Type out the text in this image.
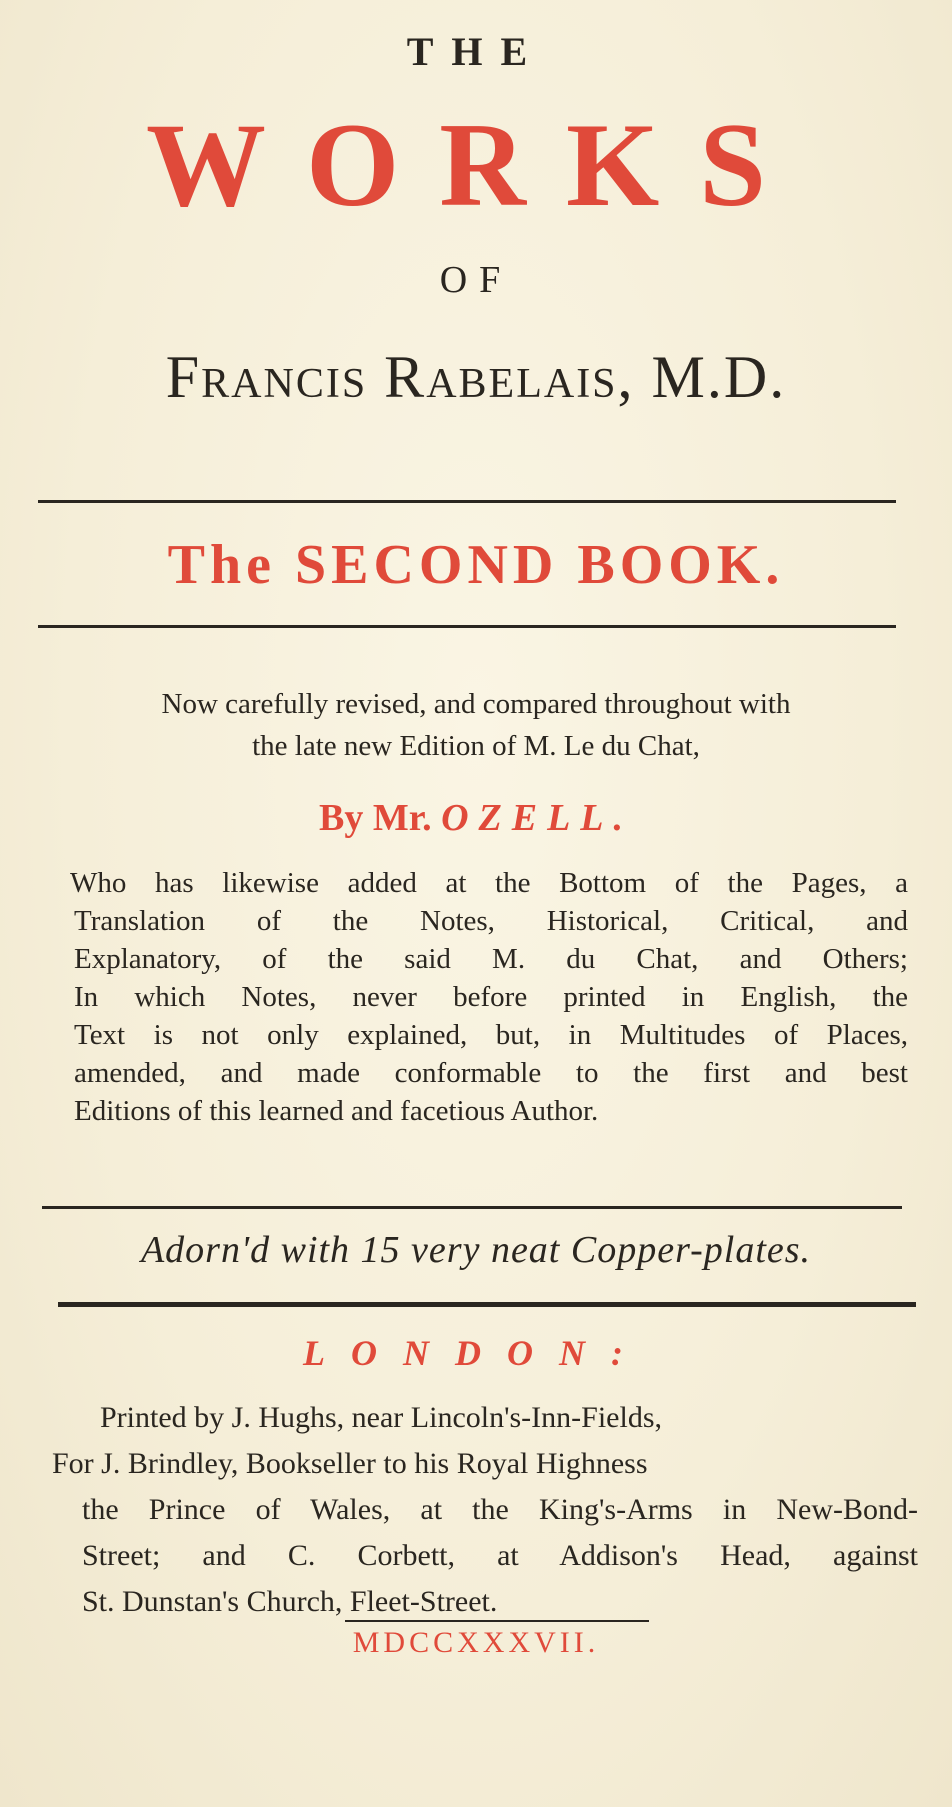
THE
WORKS
OF
Francis Rabelais, M.D.
The SECOND BOOK.
Now carefully revised, and compared throughout with
the late new Edition of M. Le du Chat,
By Mr. OZELL.
Who has likewise added at the Bottom of the Pages, a
Translation of the Notes, Historical, Critical, and
Explanatory, of the said M. du Chat, and Others;
In which Notes, never before printed in English, the
Text is not only explained, but, in Multitudes of Places,
amended, and made conformable to the first and best
Editions of this learned and facetious Author.
Adorn'd with 15 very neat Copper-plates.
LONDON:
Printed by J. Hughs, near Lincoln's-Inn-Fields,
For J. Brindley, Bookseller to his Royal Highness
the Prince of Wales, at the King's-Arms in New-Bond-
Street; and C. Corbett, at Addison's Head, against
St. Dunstan's Church, Fleet-Street.
MDCCXXXVII.
